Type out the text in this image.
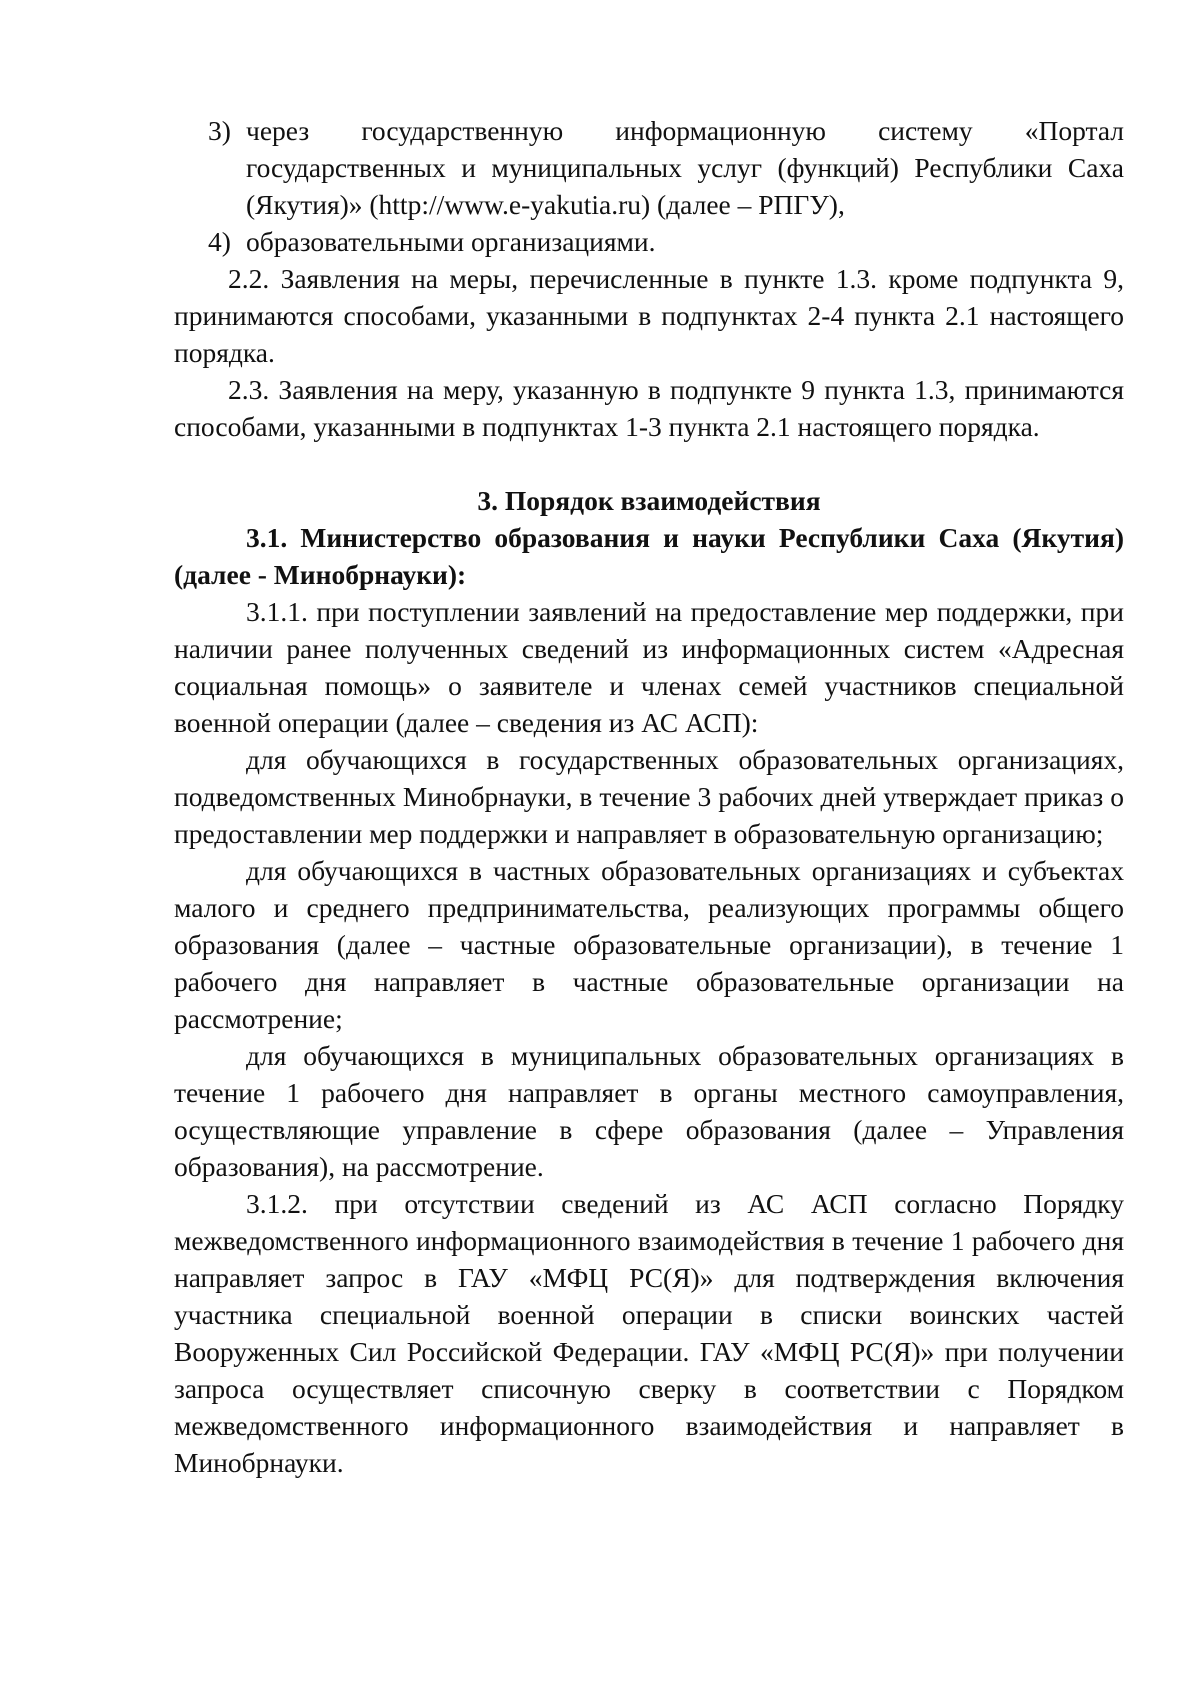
3) через государственную информационную систему «Портал государственных и муниципальных услуг (функций) Республики Саха (Якутия)» (http://www.e-yakutia.ru) (далее – РПГУ),
4) образовательными организациями.

2.2. Заявления на меры, перечисленные в пункте 1.3. кроме подпункта 9, принимаются способами, указанными в подпунктах 2-4 пункта 2.1 настоящего порядка.

2.3. Заявления на меру, указанную в подпункте 9 пункта 1.3, принимаются способами, указанными в подпунктах 1-3 пункта 2.1 настоящего порядка.

3. Порядок взаимодействия
3.1. Министерство образования и науки Республики Саха (Якутия) (далее - Минобрнауки):

3.1.1. при поступлении заявлений на предоставление мер поддержки, при наличии ранее полученных сведений из информационных систем «Адресная социальная помощь» о заявителе и членах семей участников специальной военной операции (далее – сведения из АС АСП):

для обучающихся в государственных образовательных организациях, подведомственных Минобрнауки, в течение 3 рабочих дней утверждает приказ о предоставлении мер поддержки и направляет в образовательную организацию;

для обучающихся в частных образовательных организациях и субъектах малого и среднего предпринимательства, реализующих программы общего образования (далее – частные образовательные организации), в течение 1 рабочего дня направляет в частные образовательные организации на рассмотрение;

для обучающихся в муниципальных образовательных организациях в течение 1 рабочего дня направляет в органы местного самоуправления, осуществляющие управление в сфере образования (далее – Управления образования), на рассмотрение.

3.1.2. при отсутствии сведений из АС АСП согласно Порядку межведомственного информационного взаимодействия в течение 1 рабочего дня направляет запрос в ГАУ «МФЦ РС(Я)» для подтверждения включения участника специальной военной операции в списки воинских частей Вооруженных Сил Российской Федерации. ГАУ «МФЦ РС(Я)» при получении запроса осуществляет списочную сверку в соответствии с Порядком межведомственного информационного взаимодействия и направляет в Минобрнауки.
